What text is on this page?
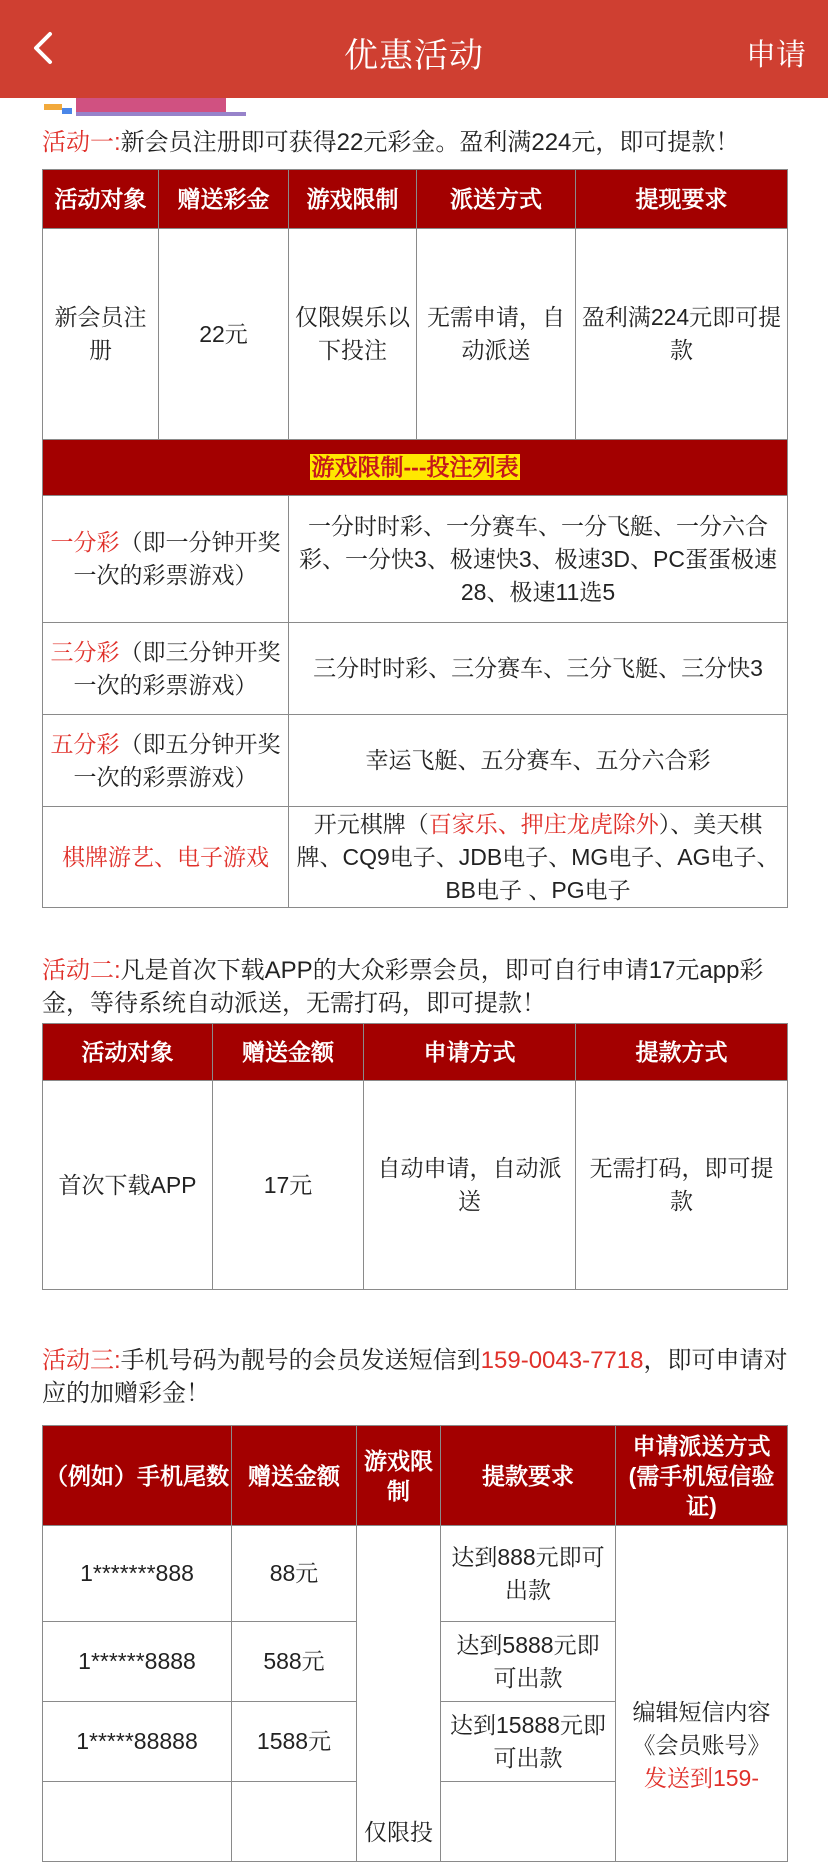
优惠活动	申请
活动一:新会员注册即可获得22元彩金。盈利满224元，即可提款！
活动对象	赠送彩金	游戏限制	派送方式	提现要求
新会员注册	22元	仅限娱乐以下投注	无需申请，自动派送	盈利满224元即可提款
游戏限制---投注列表				
一分彩（即一分钟开奖一次的彩票游戏）	一分时时彩、一分赛车、一分飞艇、一分六合彩、一分快3、极速快3、极速3D、PC蛋蛋极速28、极速11选5
三分彩（即三分钟开奖一次的彩票游戏）	三分时时彩、三分赛车、三分飞艇、三分快3
五分彩（即五分钟开奖一次的彩票游戏）	幸运飞艇、五分赛车、五分六合彩
棋牌游艺、电子游戏	开元棋牌（百家乐、押庄龙虎除外）、美天棋牌、CQ9电子、JDB电子、MG电子、AG电子、BB电子 、PG电子
活动二:凡是首次下载APP的大众彩票会员，即可自行申请17元app彩金，等待系统自动派送，无需打码，即可提款！
活动对象	赠送金额	申请方式	提款方式
首次下载APP	17元	自动申请，自动派送	无需打码，即可提款
活动三:手机号码为靓号的会员发送短信到159-0043-7718，即可申请对应的加赠彩金！
（例如）手机尾数	赠送金额	游戏限制	提款要求	申请派送方式(需手机短信验证)
1*******888	88元	仅限投	达到888元即可出款	编辑短信内容《会员账号》
发送到159-
1******8888	588元		达到5888元即可出款	
1*****88888	1588元		达到15888元即可出款	
